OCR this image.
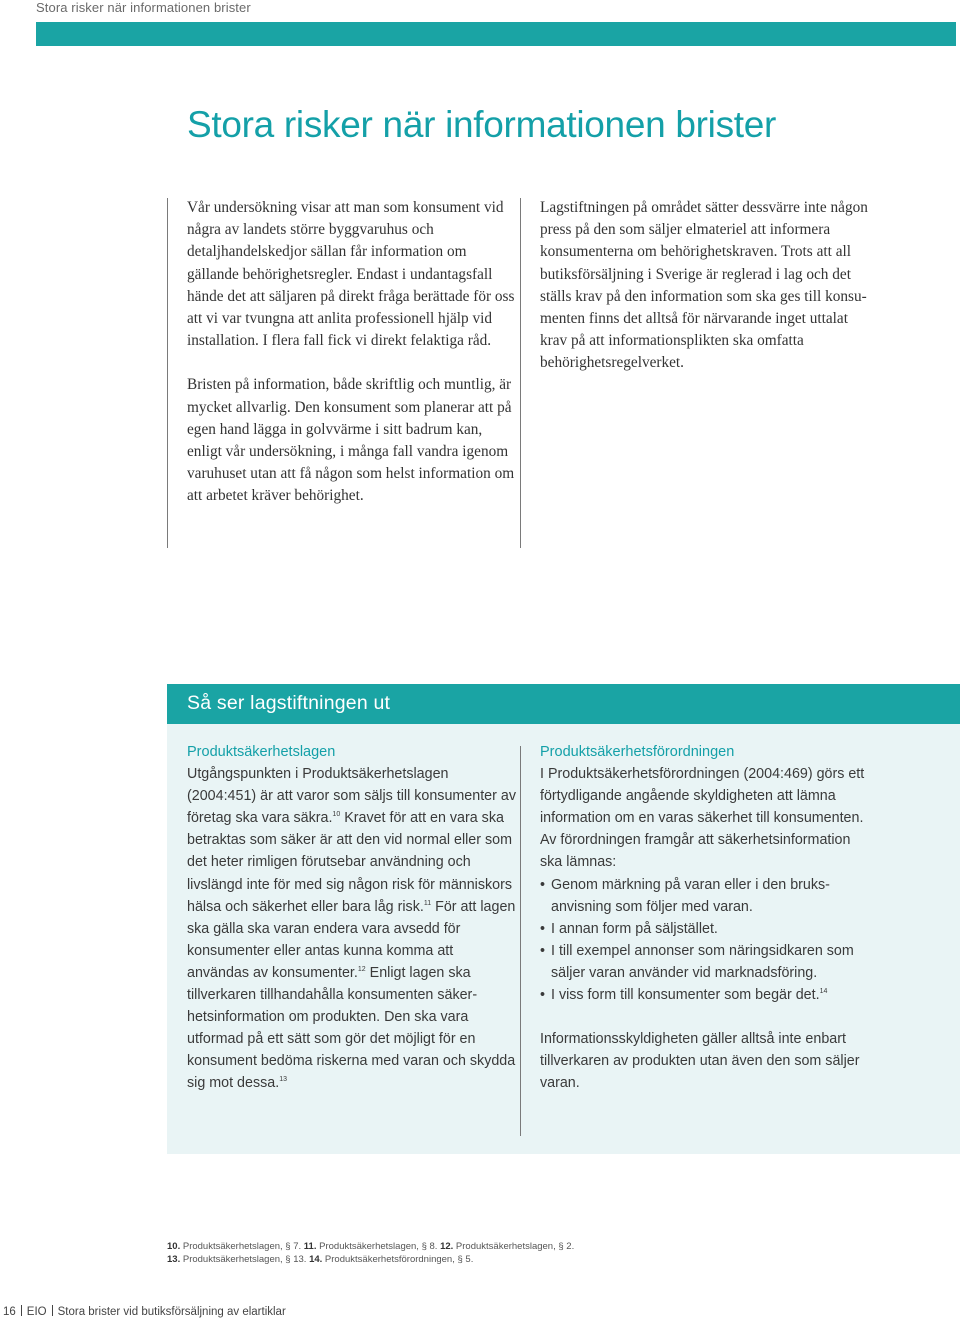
Stora risker när informationen brister
Stora risker när informationen brister

Vår undersökning visar att man som konsument vid några av landets större byggvaruhus och detaljhandelskedjor sällan får information om gällande behörighetsregler. Endast i undantagsfall hände det att säljaren på direkt fråga berättade för oss att vi var tvungna att anlita professionell hjälp vid installation. I flera fall fick vi direkt felaktiga råd.

Bristen på information, både skriftlig och muntlig, är mycket allvarlig. Den konsument som planerar att på egen hand lägga in golvvärme i sitt badrum kan, enligt vår undersökning, i många fall vandra igenom varuhuset utan att få någon som helst information om att arbetet kräver behörighet.

Lagstiftningen på området sätter dessvärre inte någon press på den som säljer elmateriel att informera konsumenterna om behörighetskraven. Trots att all butiksförsäljning i Sverige är reglerad i lag och det ställs krav på den information som ska ges till konsumenten finns det alltså för närvarande inget uttalat krav på att informationsplikten ska omfatta behörighetsregelverket.

Så ser lagstiftningen ut
Produktsäkerhetslagen

Utgångspunkten i Produktsäkerhetslagen (2004:451) är att varor som säljs till konsumenter av företag ska vara säkra.$^{10}$ Kravet för att en vara ska betraktas som säker är att den vid normal eller som det heter rimligen förutsebar användning och livslängd inte för med sig någon risk för människors hälsa och säkerhet eller bara låg risk.$^{11}$ För att lagen ska gälla ska varan endera vara avsedd för konsumenter eller antas kunna komma att användas av konsumenter.$^{12}$ Enligt lagen ska tillverkaren tillhandahålla konsumenten säkerhetsinformation om produkten. Den ska vara utformad på ett sätt som gör det möjligt för en konsument bedöma riskerna med varan och skydda sig mot dessa.$^{13}$

Produktsäkerhetsförordningen

I Produktsäkerhetsförordningen (2004:469) görs ett förtydligande angående skyldigheten att lämna information om en varas säkerhet till konsumenten. Av förordningen framgår att säkerhetsinformation ska lämnas:

• Genom märkning på varan eller i den bruksanvisning som följer med varan.
• I annan form på säljstället.
• I till exempel annonser som näringsidkaren som säljer varan använder vid marknadsföring.
• I viss form till konsumenter som begär det.$^{14}$

Informationsskyldigheten gäller alltså inte enbart tillverkaren av produkten utan även den som säljer varan.

10. Produktsäkerhetslagen, § 7. 11. Produktsäkerhetslagen, § 8. 12. Produktsäkerhetslagen, § 2.
13. Produktsäkerhetslagen, § 13. 14. Produktsäkerhetsförordningen, § 5.
16 EIO Stora brister vid butiksförsäljning av elartiklar
